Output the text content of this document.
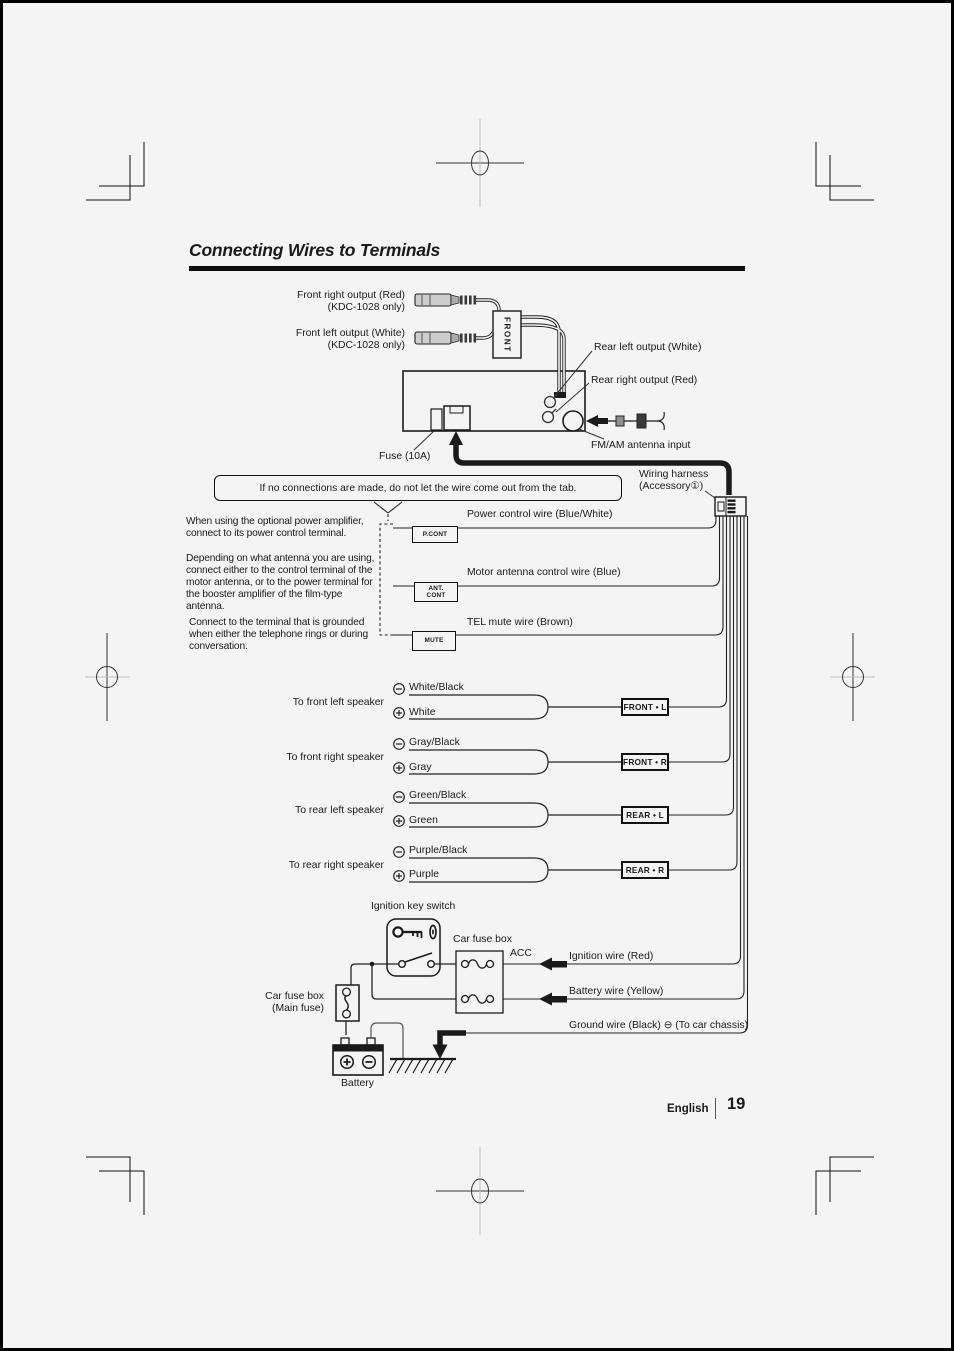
Connecting Wires to Terminals
Front right output (Red)
(KDC-1028 only)
Front left output (White)
(KDC-1028 only)	FRONT	Rear left output (White)
Rear right output (Red)
FM/AM antenna input
Fuse (10A)
Wiring harness
(Accessory①)
If no connections are made, do not let the wire come out from the tab.
When using the optional power amplifier, connect to its power control terminal.
Depending on what antenna you are using, connect either to the control terminal of the motor antenna, or to the power terminal for the booster amplifier of the film-type antenna.
Connect to the terminal that is grounded when either the telephone rings or during conversation.
Power control wire (Blue/White)
P.CONT
Motor antenna control wire (Blue)
ANT.
CONT
TEL mute wire (Brown)
MUTE
To front left speaker
White/Black
White	FRONT • L
To front right speaker
Gray/Black
Gray	FRONT • R
To rear left speaker
Green/Black
Green	REAR • L
To rear right speaker
Purple/Black
Purple	REAR • R
Ignition key switch
Car fuse box
ACC	Ignition wire (Red)
Battery wire (Yellow)
Ground wire (Black) ⊖ (To car chassis)
Car fuse box
(Main fuse)
Battery
English 19
